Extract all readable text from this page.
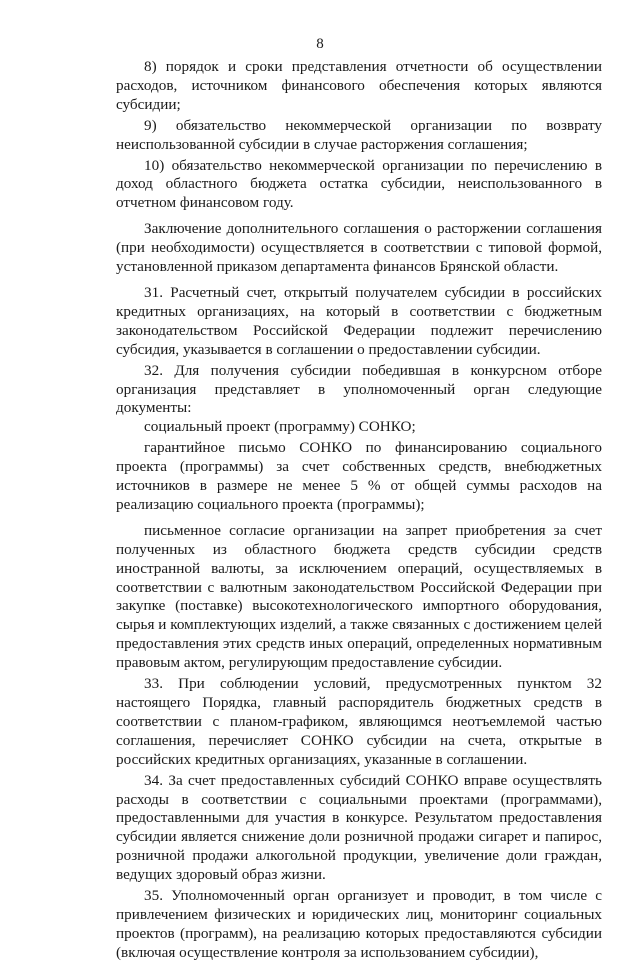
8

8) порядок и сроки представления отчетности об осуществлении расходов, источником финансового обеспечения которых являются субсидии;

9) обязательство некоммерческой организации по возврату неиспользованной субсидии в случае расторжения соглашения;

10) обязательство некоммерческой организации по перечислению в доход областного бюджета остатка субсидии, неиспользованного в отчетном финансовом году.

Заключение дополнительного соглашения о расторжении соглашения (при необходимости) осуществляется в соответствии с типовой формой, установленной приказом департамента финансов Брянской области.

31. Расчетный счет, открытый получателем субсидии в российских кредитных организациях, на который в соответствии с бюджетным законодательством Российской Федерации подлежит перечислению субсидия, указывается в соглашении о предоставлении субсидии.

32. Для получения субсидии победившая в конкурсном отборе организация представляет в уполномоченный орган следующие документы:

социальный проект (программу) СОНКО;

гарантийное письмо СОНКО по финансированию социального проекта (программы) за счет собственных средств, внебюджетных источников в размере не менее 5 % от общей суммы расходов на реализацию социального проекта (программы);

письменное согласие организации на запрет приобретения за счет полученных из областного бюджета средств субсидии средств иностранной валюты, за исключением операций, осуществляемых в соответствии с валютным законодательством Российской Федерации при закупке (поставке) высокотехнологического импортного оборудования, сырья и комплектующих изделий, а также связанных с достижением целей предоставления этих средств иных операций, определенных нормативным правовым актом, регулирующим предоставление субсидии.

33. При соблюдении условий, предусмотренных пунктом 32 настоящего Порядка, главный распорядитель бюджетных средств в соответствии с планом-графиком, являющимся неотъемлемой частью соглашения, перечисляет СОНКО субсидии на счета, открытые в российских кредитных организациях, указанные в соглашении.

34. За счет предоставленных субсидий СОНКО вправе осуществлять расходы в соответствии с социальными проектами (программами), предоставленными для участия в конкурсе. Результатом предоставления субсидии является снижение доли розничной продажи сигарет и папирос, розничной продажи алкогольной продукции, увеличение доли граждан, ведущих здоровый образ жизни.

35. Уполномоченный орган организует и проводит, в том числе с привлечением физических и юридических лиц, мониторинг социальных проектов (программ), на реализацию которых предоставляются субсидии (включая осуществление контроля за использованием субсидии),
